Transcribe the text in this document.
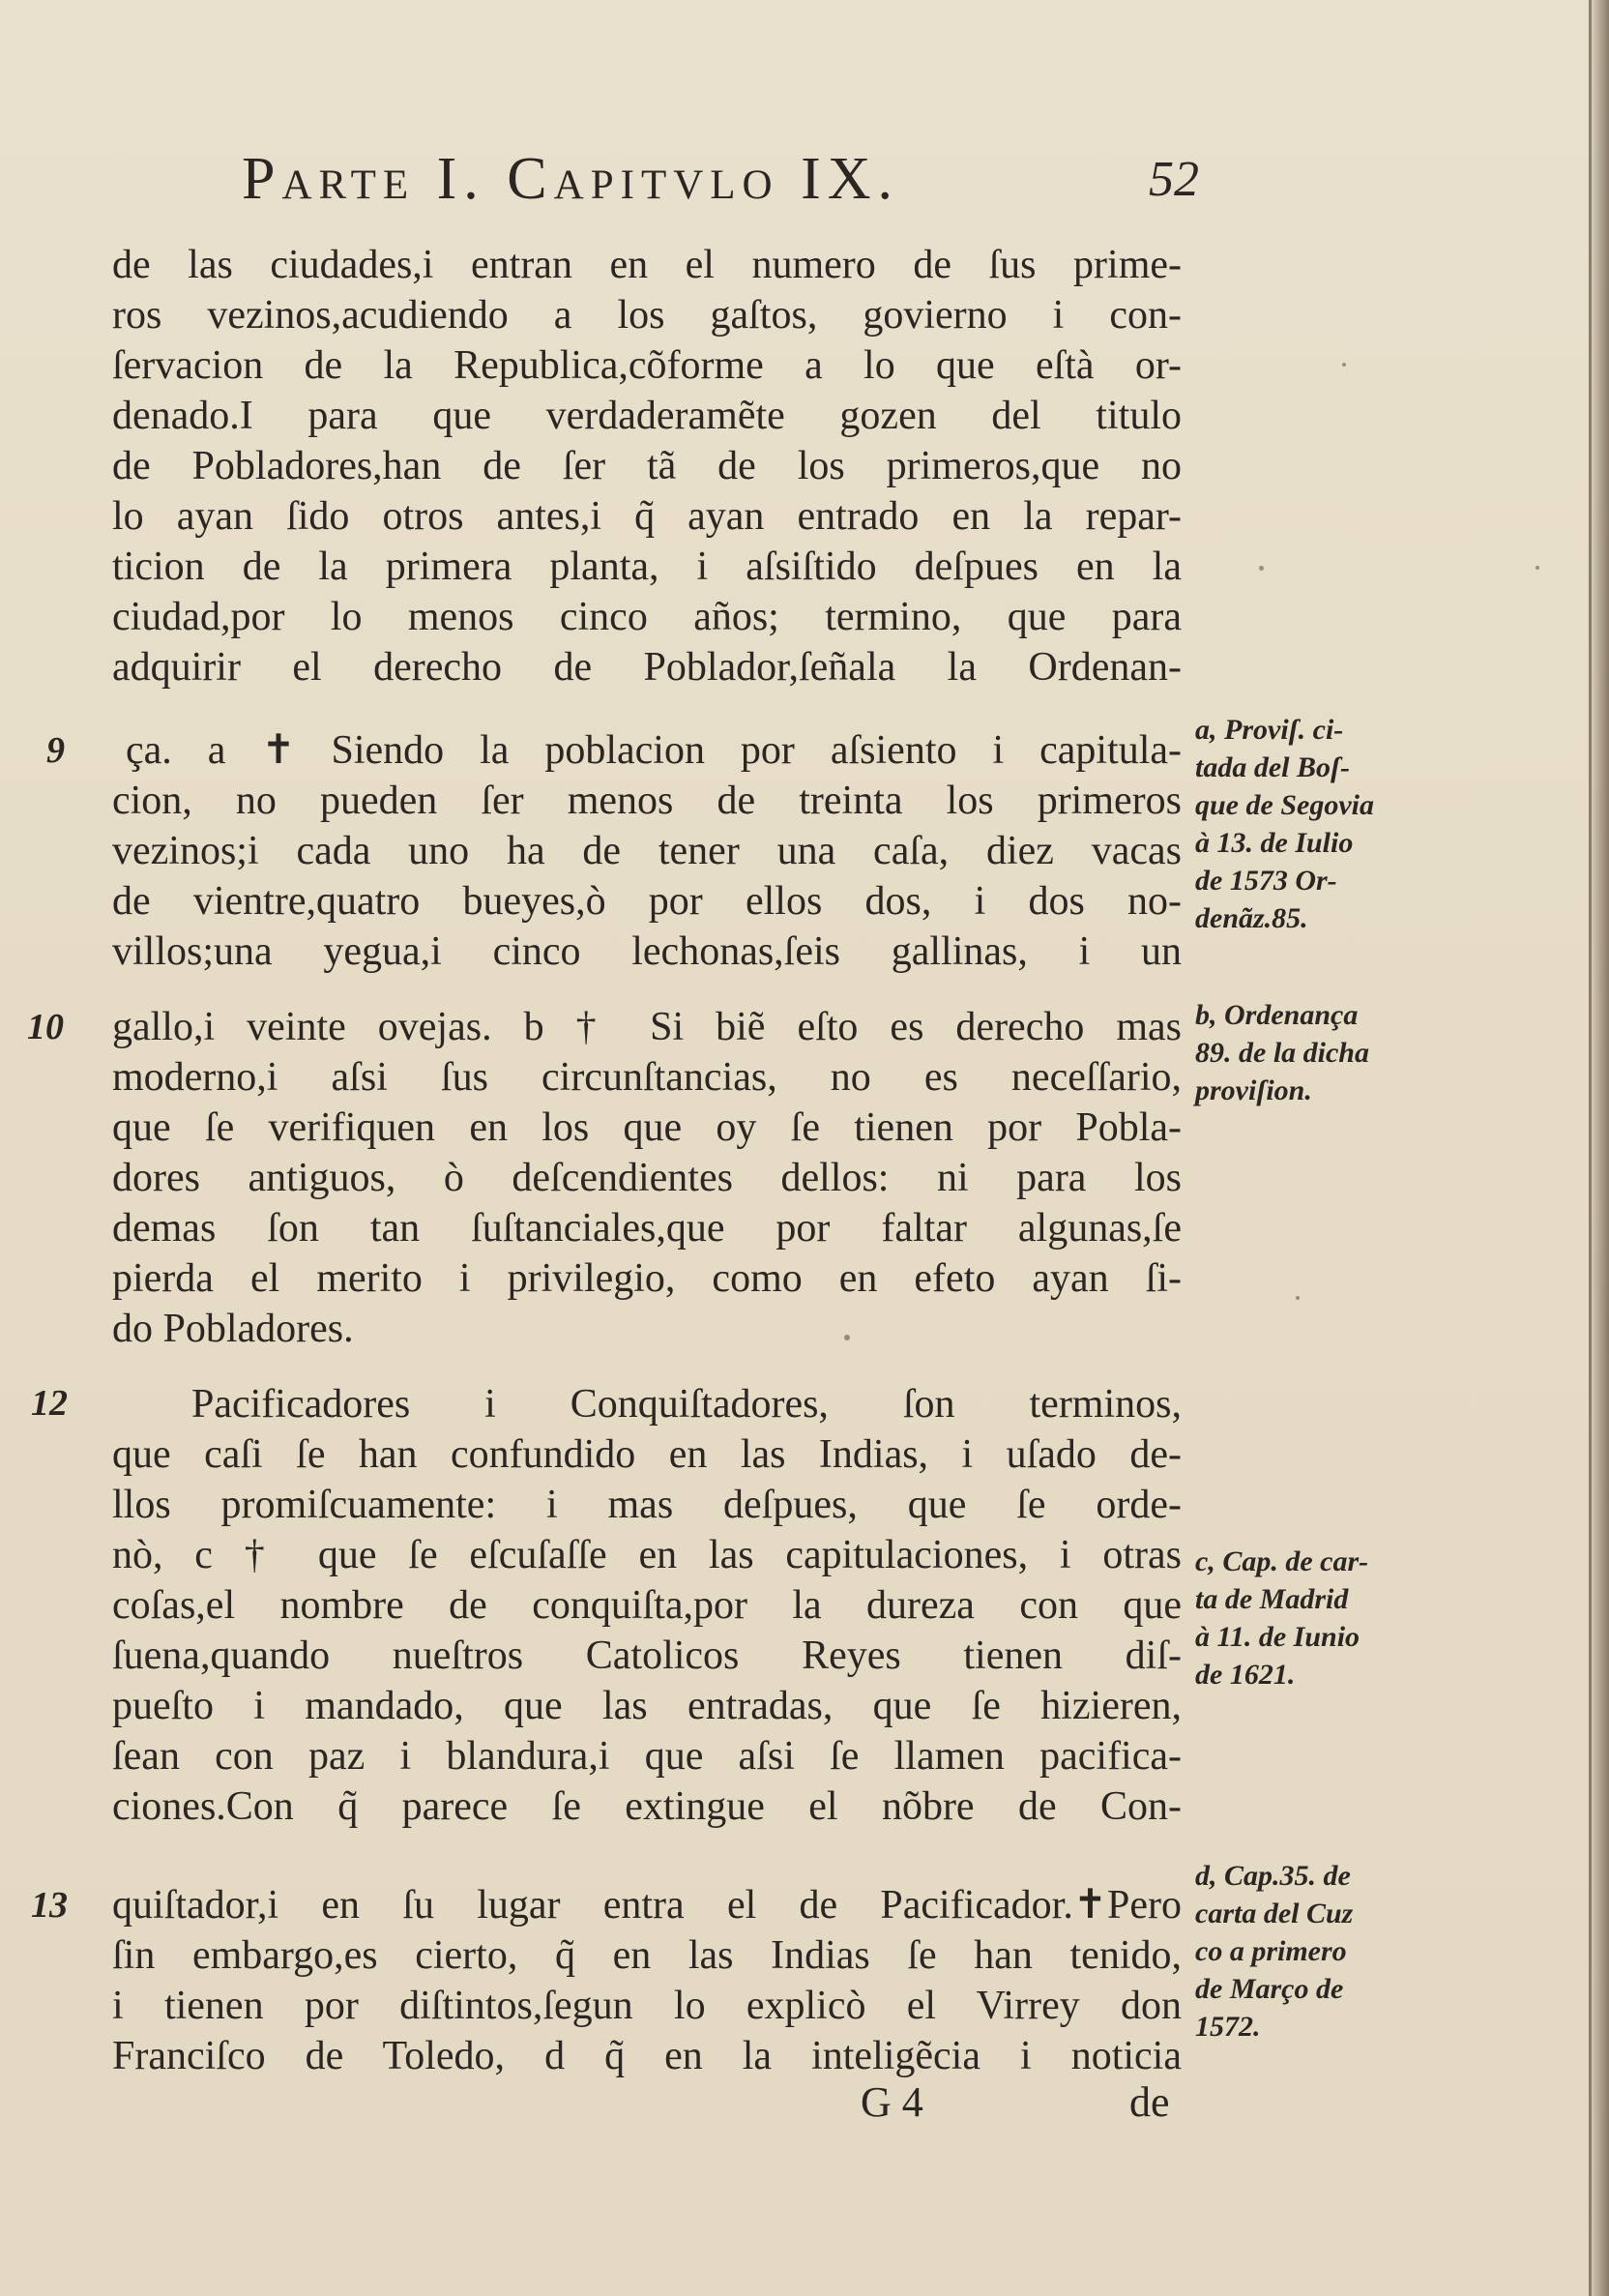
Parte I. Capitvlo IX.	52
9
10
12
13
de las ciudades,i entran en el numero de ſus prime-
ros vezinos,acudiendo a los gaſtos, govierno i con-
ſervacion de la Republica,cõforme a lo que eſtà or-
denado.I para que verdaderamẽte gozen del titulo
de Pobladores,han de ſer tã de los primeros,que no
lo ayan ſido otros antes,i q̃ ayan entrado en la repar-
ticion de la primera planta, i aſsiſtido deſpues en la
ciudad,por lo menos cinco años; termino, que para
adquirir el derecho de Poblador,ſeñala la Ordenan-
ça. a ✝ Siendo la poblacion por aſsiento i capitula-
cion, no pueden ſer menos de treinta los primeros
vezinos;i cada uno ha de tener una caſa, diez vacas
de vientre,quatro bueyes,ò por ellos dos, i dos no-
villos;una yegua,i cinco lechonas,ſeis gallinas, i un
gallo,i veinte ovejas. b † Si biẽ eſto es derecho mas
moderno,i aſsi ſus circunſtancias, no es neceſſario,
que ſe verifiquen en los que oy ſe tienen por Pobla-
dores antiguos, ò deſcendientes dellos: ni para los
demas ſon tan ſuſtanciales,que por faltar algunas,ſe
pierda el merito i privilegio, como en efeto ayan ſi-
do Pobladores.
Pacificadores i Conquiſtadores, ſon terminos,
que caſi ſe han confundido en las Indias, i uſado de-
llos promiſcuamente: i mas deſpues, que ſe orde-
nò, c † que ſe eſcuſaſſe en las capitulaciones, i otras
coſas,el nombre de conquiſta,por la dureza con que
ſuena,quando nueſtros Catolicos Reyes tienen diſ-
pueſto i mandado, que las entradas, que ſe hizieren,
ſean con paz i blandura,i que aſsi ſe llamen pacifica-
ciones.Con q̃ parece ſe extingue el nõbre de Con-
quiſtador,i en ſu lugar entra el de Pacificador.✝Pero
ſin embargo,es cierto, q̃ en las Indias ſe han tenido,
i tienen por diſtintos,ſegun lo explicò el Virrey don
Franciſco de Toledo, d q̃ en la inteligẽcia i noticia
a, Proviſ. ci-
tada del Boſ-
que de Segovia
à 13. de Iulio
de 1573 Or-
denãz.85.
b, Ordenança
89. de la dicha
proviſion.
c, Cap. de car-
ta de Madrid
à 11. de Iunio
de 1621.
d, Cap.35. de
carta del Cuz
co a primero
de Março de
1572.
G 4	de
